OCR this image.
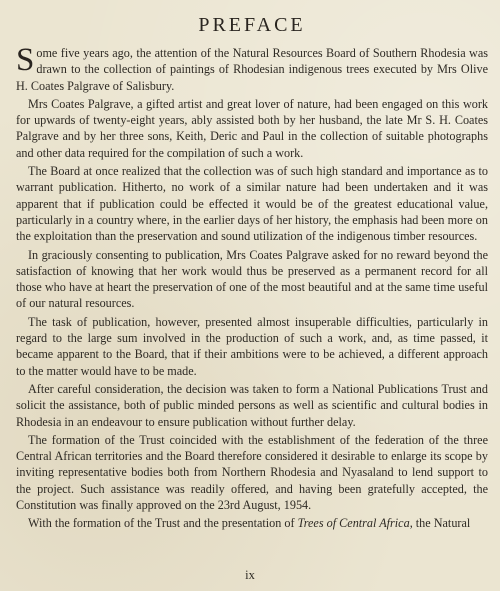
PREFACE

Some five years ago, the attention of the Natural Resources Board of Southern Rhodesia was drawn to the collection of paintings of Rhodesian indigenous trees executed by Mrs Olive H. Coates Palgrave of Salisbury.

Mrs Coates Palgrave, a gifted artist and great lover of nature, had been engaged on this work for upwards of twenty-eight years, ably assisted both by her husband, the late Mr S. H. Coates Palgrave and by her three sons, Keith, Deric and Paul in the collection of suitable photographs and other data required for the compilation of such a work.

The Board at once realized that the collection was of such high standard and importance as to warrant publication. Hitherto, no work of a similar nature had been undertaken and it was apparent that if publication could be effected it would be of the greatest educational value, particularly in a country where, in the earlier days of her history, the emphasis had been more on the exploitation than the preservation and sound utilization of the indigenous timber resources.

In graciously consenting to publication, Mrs Coates Palgrave asked for no reward beyond the satisfaction of knowing that her work would thus be preserved as a permanent record for all those who have at heart the preservation of one of the most beautiful and at the same time useful of our natural resources.

The task of publication, however, presented almost insuperable difficulties, particularly in regard to the large sum involved in the production of such a work, and, as time passed, it became apparent to the Board, that if their ambitions were to be achieved, a different approach to the matter would have to be made.

After careful consideration, the decision was taken to form a National Publications Trust and solicit the assistance, both of public minded persons as well as scientific and cultural bodies in Rhodesia in an endeavour to ensure publication without further delay.

The formation of the Trust coincided with the establishment of the federation of the three Central African territories and the Board therefore considered it desirable to enlarge its scope by inviting representative bodies both from Northern Rhodesia and Nyasaland to lend support to the project. Such assistance was readily offered, and having been gratefully accepted, the Constitution was finally approved on the 23rd August, 1954.

With the formation of the Trust and the presentation of Trees of Central Africa, the Natural

ix
